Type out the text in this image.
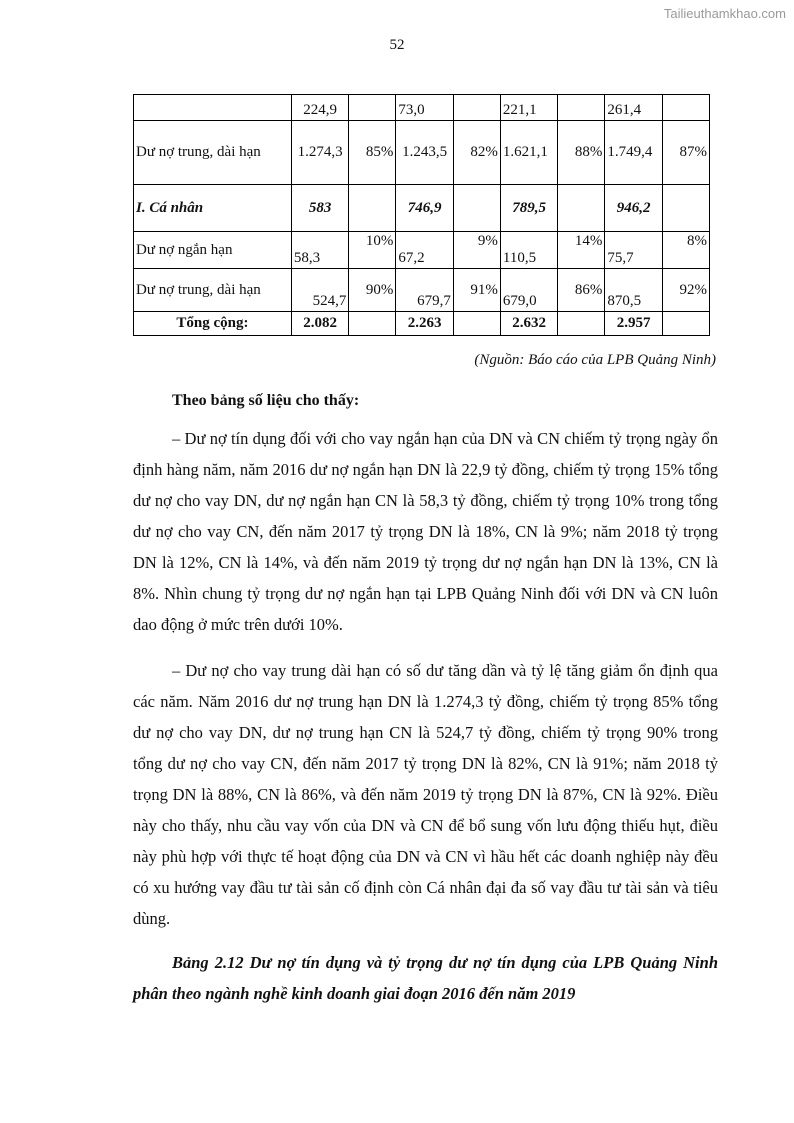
Tailieuthamkhao.com
52
	224,9		73,0		221,1		261,4	
Dư nợ trung, dài hạn	1.274,3	85%	1.243,5	82%	1.621,1	88%	1.749,4	87%
I. Cá nhân	583		746,9		789,5		946,2	
Dư nợ ngắn hạn	58,3	10%	67,2	9%	110,5	14%	75,7	8%
Dư nợ trung, dài hạn	524,7	90%	679,7	91%	679,0	86%	870,5	92%
Tổng cộng:	2.082		2.263		2.632		2.957	
(Nguồn: Báo cáo của LPB Quảng Ninh)
Theo bảng số liệu cho thấy:
– Dư nợ tín dụng đối với cho vay ngắn hạn của DN và CN chiếm tỷ trọng ngày ổn định hàng năm, năm 2016 dư nợ ngắn hạn DN là 22,9 tỷ đồng, chiếm tỷ trọng 15% tổng dư nợ cho vay DN, dư nợ ngắn hạn CN là 58,3 tỷ đồng, chiếm tỷ trọng 10% trong tổng dư nợ cho vay CN, đến năm 2017 tỷ trọng DN là 18%, CN là 9%; năm 2018 tỷ trọng DN là 12%, CN là 14%, và đến năm 2019 tỷ trọng dư nợ ngắn hạn DN là 13%, CN là 8%. Nhìn chung tỷ trọng dư nợ ngắn hạn tại LPB Quảng Ninh đối với DN và CN luôn dao động ở mức trên dưới 10%.
– Dư nợ cho vay trung dài hạn có số dư tăng dần và tỷ lệ tăng giảm ổn định qua các năm. Năm 2016 dư nợ trung hạn DN là 1.274,3 tỷ đồng, chiếm tỷ trọng 85% tổng dư nợ cho vay DN, dư nợ trung hạn CN là 524,7 tỷ đồng, chiếm tỷ trọng 90% trong tổng dư nợ cho vay CN, đến năm 2017 tỷ trọng DN là 82%, CN là 91%; năm 2018 tỷ trọng DN là 88%, CN là 86%, và đến năm 2019 tỷ trọng DN là 87%, CN là 92%. Điều này cho thấy, nhu cầu vay vốn của DN và CN để bổ sung vốn lưu động thiếu hụt, điều này phù hợp với thực tế hoạt động của DN và CN vì hầu hết các doanh nghiệp này đều có xu hướng vay đầu tư tài sản cố định còn Cá nhân đại đa số vay đầu tư tài sản và tiêu dùng.
Bảng 2.12 Dư nợ tín dụng và tỷ trọng dư nợ tín dụng của LPB Quảng Ninh phân theo ngành nghề kinh doanh giai đoạn 2016 đến năm 2019
